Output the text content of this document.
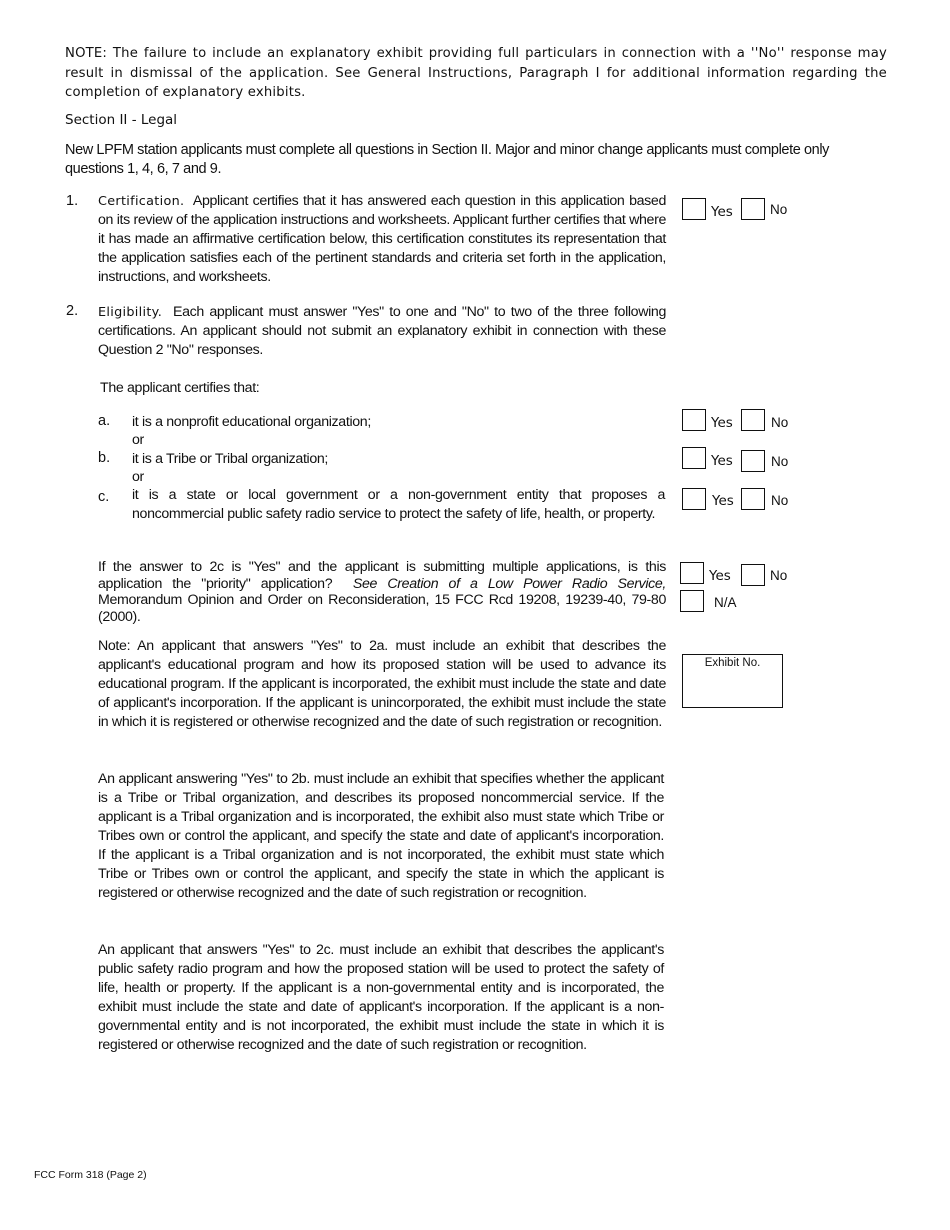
NOTE: The failure to include an explanatory exhibit providing full particulars in connection with a ''No'' response may result in dismissal of the application. See General Instructions, Paragraph I for additional information regarding the completion of explanatory exhibits.
Section II - Legal
New LPFM station applicants must complete all questions in Section II. Major and minor change applicants must complete only questions 1, 4, 6, 7 and 9.
1. Certification. Applicant certifies that it has answered each question in this application based on its review of the application instructions and worksheets. Applicant further certifies that where it has made an affirmative certification below, this certification constitutes its representation that the application satisfies each of the pertinent standards and criteria set forth in the application, instructions, and worksheets.
Yes	No
2. Eligibility. Each applicant must answer "Yes" to one and "No" to two of the three following certifications. An applicant should not submit an explanatory exhibit in connection with these Question 2 "No" responses.
The applicant certifies that:
a. it is a nonprofit educational organization;
or
Yes	No
b. it is a Tribe or Tribal organization;
or
Yes	No
c. it is a state or local government or a non-government entity that proposes a noncommercial public safety radio service to protect the safety of life, health, or property.
Yes	No
If the answer to 2c is "Yes" and the applicant is submitting multiple applications, is this application the "priority" application? See Creation of a Low Power Radio Service, Memorandum Opinion and Order on Reconsideration, 15 FCC Rcd 19208, 19239-40, 79-80 (2000).
Yes	No
N/A
Note: An applicant that answers "Yes" to 2a. must include an exhibit that describes the applicant's educational program and how its proposed station will be used to advance its educational program. If the applicant is incorporated, the exhibit must include the state and date of applicant's incorporation. If the applicant is unincorporated, the exhibit must include the state in which it is registered or otherwise recognized and the date of such registration or recognition.
Exhibit No.
An applicant answering "Yes" to 2b. must include an exhibit that specifies whether the applicant is a Tribe or Tribal organization, and describes its proposed noncommercial service. If the applicant is a Tribal organization and is incorporated, the exhibit also must state which Tribe or Tribes own or control the applicant, and specify the state and date of applicant's incorporation. If the applicant is a Tribal organization and is not incorporated, the exhibit must state which Tribe or Tribes own or control the applicant, and specify the state in which the applicant is registered or otherwise recognized and the date of such registration or recognition.
An applicant that answers "Yes" to 2c. must include an exhibit that describes the applicant's public safety radio program and how the proposed station will be used to protect the safety of life, health or property. If the applicant is a non-governmental entity and is incorporated, the exhibit must include the state and date of applicant's incorporation. If the applicant is a non-governmental entity and is not incorporated, the exhibit must include the state in which it is registered or otherwise recognized and the date of such registration or recognition.
FCC Form 318 (Page 2)
